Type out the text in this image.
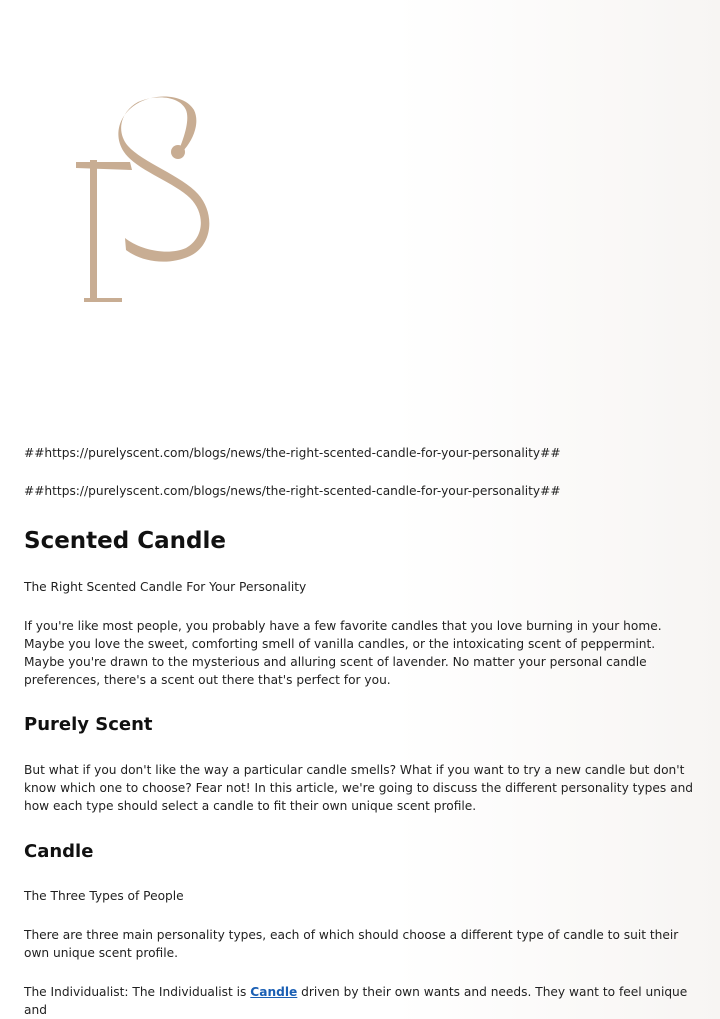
##https://purelyscent.com/blogs/news/the-right-scented-candle-for-your-personality##

##https://purelyscent.com/blogs/news/the-right-scented-candle-for-your-personality##

Scented Candle

The Right Scented Candle For Your Personality

If you're like most people, you probably have a few favorite candles that you love burning in your home. Maybe you love the sweet, comforting smell of vanilla candles, or the intoxicating scent of peppermint. Maybe you're drawn to the mysterious and alluring scent of lavender. No matter your personal candle preferences, there's a scent out there that's perfect for you.

Purely Scent

But what if you don't like the way a particular candle smells? What if you want to try a new candle but don't know which one to choose? Fear not! In this article, we're going to discuss the different personality types and how each type should select a candle to fit their own unique scent profile.

Candle

The Three Types of People

There are three main personality types, each of which should choose a different type of candle to suit their own unique scent profile.

The Individualist: The Individualist is Candle driven by their own wants and needs. They want to feel unique and
